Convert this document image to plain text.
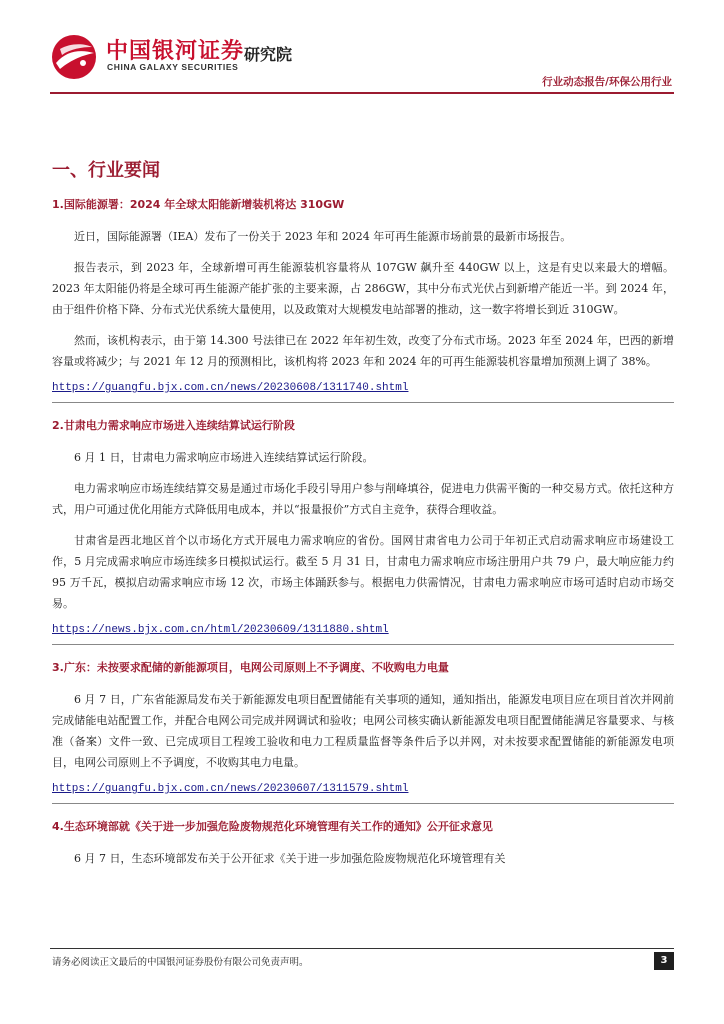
中国银河证券
CHINA GALAXY SECURITIES
研究院
行业动态报告/环保公用行业
一、行业要闻
1.国际能源署：2024 年全球太阳能新增装机将达 310GW

近日，国际能源署（IEA）发布了一份关于 2023 年和 2024 年可再生能源市场前景的最新市场报告。

报告表示，到 2023 年，全球新增可再生能源装机容量将从 107GW 飙升至 440GW 以上，这是有史以来最大的增幅。2023 年太阳能仍将是全球可再生能源产能扩张的主要来源，占 286GW，其中分布式光伏占到新增产能近一半。到 2024 年，由于组件价格下降、分布式光伏系统大量使用，以及政策对大规模发电站部署的推动，这一数字将增长到近 310GW。

然而，该机构表示，由于第 14.300 号法律已在 2022 年年初生效，改变了分布式市场。2023 年至 2024 年，巴西的新增容量或将减少；与 2021 年 12 月的预测相比，该机构将 2023 年和 2024 年的可再生能源装机容量增加预测上调了 38%。

https://guangfu.bjx.com.cn/news/20230608/1311740.shtml
2.甘肃电力需求响应市场进入连续结算试运行阶段

6 月 1 日，甘肃电力需求响应市场进入连续结算试运行阶段。

电力需求响应市场连续结算交易是通过市场化手段引导用户参与削峰填谷，促进电力供需平衡的一种交易方式。依托这种方式，用户可通过优化用能方式降低用电成本，并以“报量报价”方式自主竞争，获得合理收益。

甘肃省是西北地区首个以市场化方式开展电力需求响应的省份。国网甘肃省电力公司于年初正式启动需求响应市场建设工作，5 月完成需求响应市场连续多日模拟试运行。截至 5 月 31 日，甘肃电力需求响应市场注册用户共 79 户，最大响应能力约 95 万千瓦，模拟启动需求响应市场 12 次，市场主体踊跃参与。根据电力供需情况，甘肃电力需求响应市场可适时启动市场交易。

https://news.bjx.com.cn/html/20230609/1311880.shtml
3.广东：未按要求配储的新能源项目，电网公司原则上不予调度、不收购电力电量

6 月 7 日，广东省能源局发布关于新能源发电项目配置储能有关事项的通知，通知指出，能源发电项目应在项目首次并网前完成储能电站配置工作，并配合电网公司完成并网调试和验收；电网公司核实确认新能源发电项目配置储能满足容量要求、与核准（备案）文件一致、已完成项目工程竣工验收和电力工程质量监督等条件后予以并网，对未按要求配置储能的新能源发电项目，电网公司原则上不予调度，不收购其电力电量。

https://guangfu.bjx.com.cn/news/20230607/1311579.shtml
4.生态环境部就《关于进一步加强危险废物规范化环境管理有关工作的通知》公开征求意见

6 月 7 日，生态环境部发布关于公开征求《关于进一步加强危险废物规范化环境管理有关

请务必阅读正文最后的中国银河证券股份有限公司免责声明。	3
